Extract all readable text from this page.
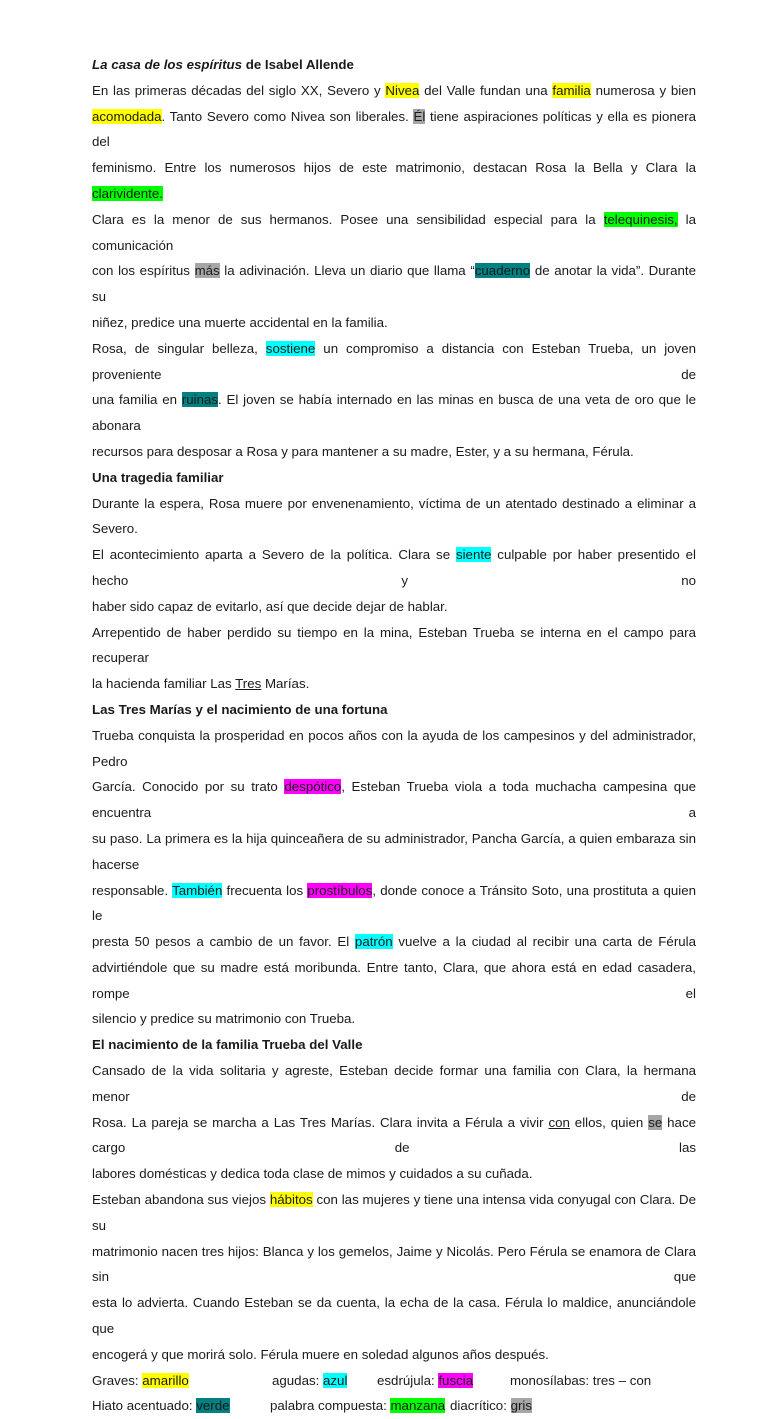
La casa de los espíritus de Isabel Allende

En las primeras décadas del siglo XX, Severo y Nivea del Valle fundan una familia numerosa y bien

acomodada. Tanto Severo como Nivea son liberales. Él tiene aspiraciones políticas y ella es pionera del

feminismo. Entre los numerosos hijos de este matrimonio, destacan Rosa la Bella y Clara la clarividente.

Clara es la menor de sus hermanos. Posee una sensibilidad especial para la telequinesis, la comunicación

con los espíritus más la adivinación. Lleva un diario que llama “cuaderno de anotar la vida”. Durante su

niñez, predice una muerte accidental en la familia.

Rosa, de singular belleza, sostiene un compromiso a distancia con Esteban Trueba, un joven proveniente de

una familia en ruinas. El joven se había internado en las minas en busca de una veta de oro que le abonara

recursos para desposar a Rosa y para mantener a su madre, Ester, y a su hermana, Férula.

Una tragedia familiar

Durante la espera, Rosa muere por envenenamiento, víctima de un atentado destinado a eliminar a Severo.

El acontecimiento aparta a Severo de la política. Clara se siente culpable por haber presentido el hecho y no

haber sido capaz de evitarlo, así que decide dejar de hablar.

Arrepentido de haber perdido su tiempo en la mina, Esteban Trueba se interna en el campo para recuperar

la hacienda familiar Las Tres Marías.

Las Tres Marías y el nacimiento de una fortuna

Trueba conquista la prosperidad en pocos años con la ayuda de los campesinos y del administrador, Pedro

García. Conocido por su trato despótico, Esteban Trueba viola a toda muchacha campesina que encuentra a

su paso. La primera es la hija quinceañera de su administrador, Pancha García, a quien embaraza sin hacerse

responsable. También frecuenta los prostíbulos, donde conoce a Tránsito Soto, una prostituta a quien le

presta 50 pesos a cambio de un favor. El patrón vuelve a la ciudad al recibir una carta de Férula

advirtiéndole que su madre está moribunda. Entre tanto, Clara, que ahora está en edad casadera, rompe el

silencio y predice su matrimonio con Trueba.

El nacimiento de la familia Trueba del Valle

Cansado de la vida solitaria y agreste, Esteban decide formar una familia con Clara, la hermana menor de

Rosa. La pareja se marcha a Las Tres Marías. Clara invita a Férula a vivir con ellos, quien se hace cargo de las

labores domésticas y dedica toda clase de mimos y cuidados a su cuñada.

Esteban abandona sus viejos hábitos con las mujeres y tiene una intensa vida conyugal con Clara. De su

matrimonio nacen tres hijos: Blanca y los gemelos, Jaime y Nicolás. Pero Férula se enamora de Clara sin que

esta lo advierta. Cuando Esteban se da cuenta, la echa de la casa. Férula lo maldice, anunciándole que

encogerá y que morirá solo. Férula muere en soledad algunos años después.

Graves: amarillo	agudas: azul	esdrújula: fuscia	monosílabas: tres – con
Hiato acentuado: verde	palabra compuesta: manzana diacrítico: gris
